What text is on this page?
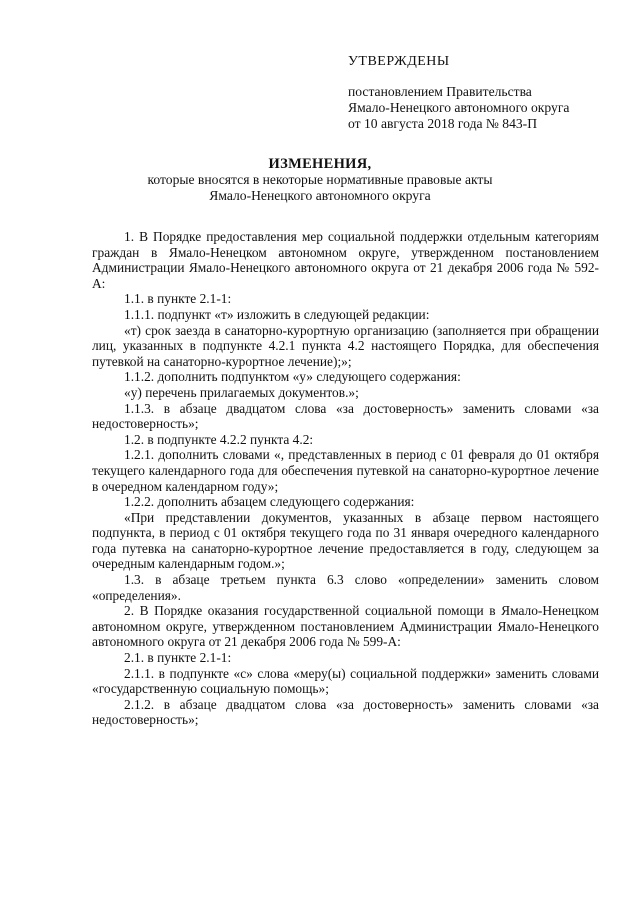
УТВЕРЖДЕНЫ
постановлением Правительства
Ямало-Ненецкого автономного округа
от 10 августа 2018 года № 843-П
ИЗМЕНЕНИЯ,
которые вносятся в некоторые нормативные правовые акты
Ямало-Ненецкого автономного округа

1. В Порядке предоставления мер социальной поддержки отдельным категориям граждан в Ямало-Ненецком автономном округе, утвержденном постановлением Администрации Ямало-Ненецкого автономного округа от 21 декабря 2006 года № 592-А:

1.1. в пункте 2.1-1:

1.1.1. подпункт «т» изложить в следующей редакции:

«т) срок заезда в санаторно-курортную организацию (заполняется при обращении лиц, указанных в подпункте 4.2.1 пункта 4.2 настоящего Порядка, для обеспечения путевкой на санаторно-курортное лечение);»;

1.1.2. дополнить подпунктом «у» следующего содержания:

«у) перечень прилагаемых документов.»;

1.1.3. в абзаце двадцатом слова «за достоверность» заменить словами «за недостоверность»;

1.2. в подпункте 4.2.2 пункта 4.2:

1.2.1. дополнить словами «, представленных в период с 01 февраля до 01 октября текущего календарного года для обеспечения путевкой на санаторно-курортное лечение в очередном календарном году»;

1.2.2. дополнить абзацем следующего содержания:

«При представлении документов, указанных в абзаце первом настоящего подпункта, в период с 01 октября текущего года по 31 января очередного календарного года путевка на санаторно-курортное лечение предоставляется в году, следующем за очередным календарным годом.»;

1.3. в абзаце третьем пункта 6.3 слово «определении» заменить словом «определения».

2. В Порядке оказания государственной социальной помощи в Ямало-Ненецком автономном округе, утвержденном постановлением Администрации Ямало-Ненецкого автономного округа от 21 декабря 2006 года № 599-А:

2.1. в пункте 2.1-1:

2.1.1. в подпункте «с» слова «меру(ы) социальной поддержки» заменить словами «государственную социальную помощь»;

2.1.2. в абзаце двадцатом слова «за достоверность» заменить словами «за недостоверность»;
